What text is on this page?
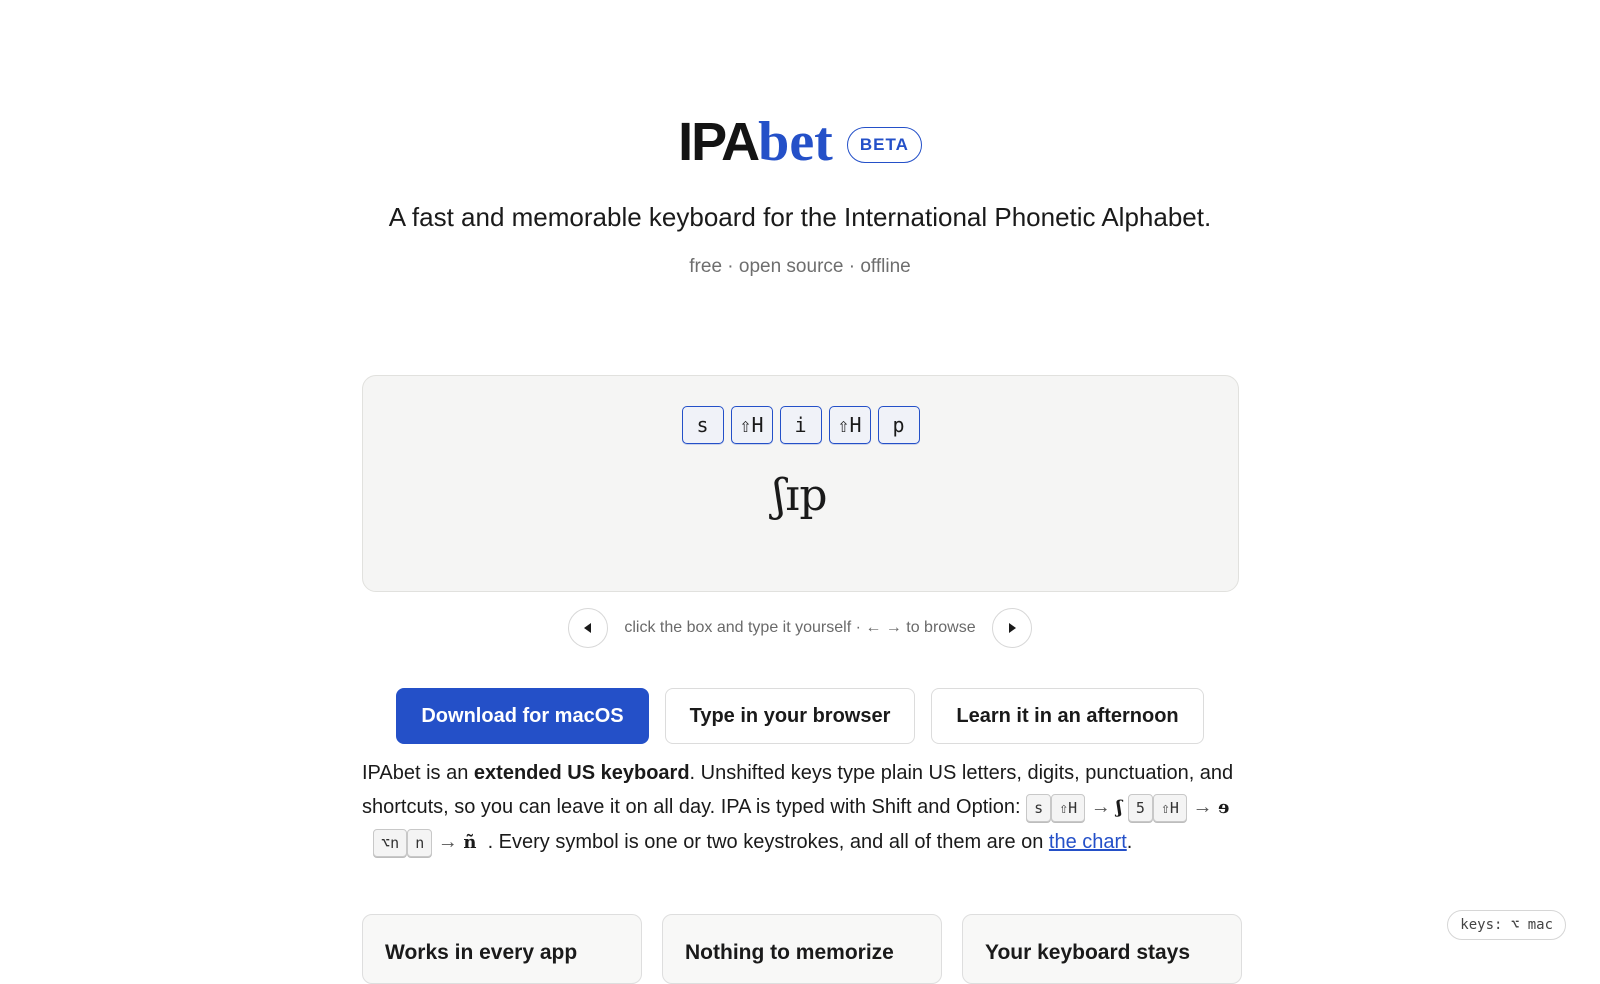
IPAbet	BETA
A fast and memorable keyboard for the International Phonetic Alphabet.
free · open source · offline
s	⇧H	i	⇧H	p
ʃɪp
click the box and type it yourself · ← → to browse
Download for macOS	Type in your browser	Learn it in an afternoon
IPAbet is an extended US keyboard. Unshifted keys type plain US letters, digits, punctuation, and shortcuts, so you can leave it on all day. IPA is typed with Shift and Option: s ⇧H → ʃ 5 ⇧H → ɘ   ⌥n n → ñ . Every symbol is one or two keystrokes, and all of them are on the chart.
Works in every app	Nothing to memorize	Your keyboard stays
keys: ⌥ mac
